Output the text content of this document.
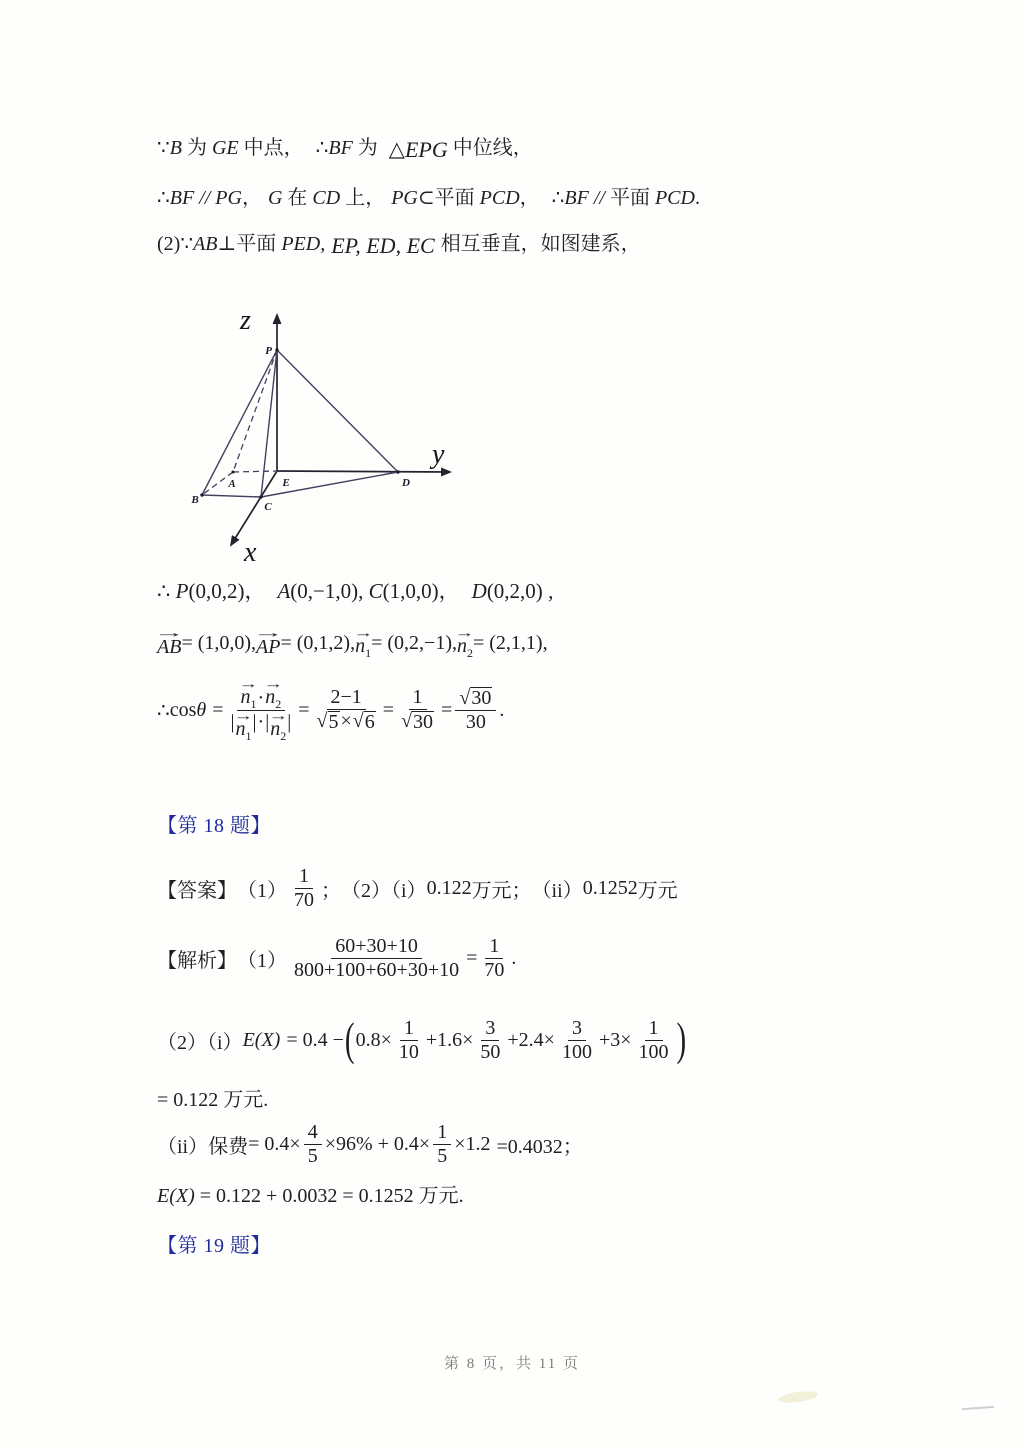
∵B 为 GE 中点， ∴BF 为 △EPG 中位线，
∴BF // PG， G 在 CD 上， PG⊂平面 PCD， ∴BF // 平面 PCD.
(2)∵AB⊥平面 PED, EP, ED, EC 相互垂直，如图建系，
z
y
x
P
A
B
C
D
E
∴ P(0,0,2)， A(0,−1,0), C(1,0,0)， D(0,2,0) ,
→
AB = (1,0,0),
→
AP = (0,1,2),
→
$n_1 = (0,2,-1)$,
→
$n_2 = (2,1,1)$ ,
∴ cos θ = →
$n_1$ ·
→
$n_2$
| →
$n_1$
| · | →
$n_2$
| = $\frac{2-1}{√ 5 \times √ 6} = \frac{1}{√ 30} = \frac{√ 30}{30}$ .
【第 18 题】
【答案】 $(1) \frac{1}{70}$ ； （2）（i） 0.122 万元； （ii） 0.1252 万元
【解析】 $(1) \frac{60+30+10}{800+100+60+30+10} = \frac{1}{70}$ .
（2）（i） E(X) = 0.4 − ( $0.8\times \frac{1}{10} +1.6\times \frac{3}{50} +2.4\times \frac{3}{100} +3\times \frac{1}{100}$ )
= 0.122 万元.
（ii）保费 = $0.4\times \frac{4}{5} \times 96\% + 0.4\times \frac{1}{5} \times 1.2 =0.4032$；
E(X) = 0.122 + 0.0032 = 0.1252 万元.
【第 19 题】
第 8 页，共 11 页
